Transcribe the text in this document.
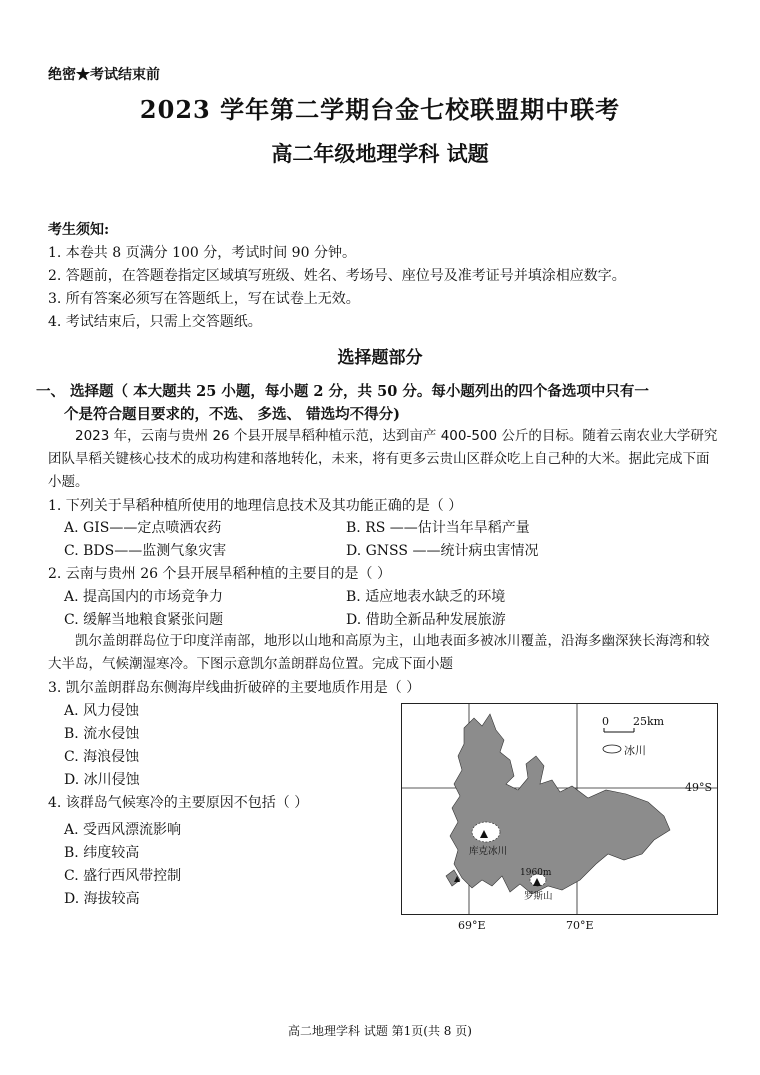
绝密★考试结束前
2023 学年第二学期台金七校联盟期中联考
高二年级地理学科 试题
考生须知:
1. 本卷共 8 页满分 100 分，考试时间 90 分钟。
2. 答题前，在答题卷指定区域填写班级、姓名、考场号、座位号及准考证号并填涂相应数字。
3. 所有答案必须写在答题纸上，写在试卷上无效。
4. 考试结束后，只需上交答题纸。
选择题部分
一、 选择题（ 本大题共 25 小题，每小题 2 分，共 50 分。每小题列出的四个备选项中只有一
个是符合题目要求的，不选、 多选、 错选均不得分)
2023 年，云南与贵州 26 个县开展旱稻种植示范，达到亩产 400-500 公斤的目标。随着云南农业大学研究团队旱稻关键核心技术的成功构建和落地转化，未来，将有更多云贵山区群众吃上自己种的大米。据此完成下面小题。
1. 下列关于旱稻种植所使用的地理信息技术及其功能正确的是（ ）
A. GIS——定点喷洒农药	B. RS ——估计当年旱稻产量
C. BDS——监测气象灾害	D. GNSS ——统计病虫害情况
2. 云南与贵州 26 个县开展旱稻种植的主要目的是（ ）
A. 提高国内的市场竞争力	B. 适应地表水缺乏的环境
C. 缓解当地粮食紧张问题	D. 借助全新品种发展旅游
凯尔盖朗群岛位于印度洋南部，地形以山地和高原为主，山地表面多被冰川覆盖，沿海多幽深狭长海湾和较大半岛，气候潮湿寒冷。下图示意凯尔盖朗群岛位置。完成下面小题
3. 凯尔盖朗群岛东侧海岸线曲折破碎的主要地质作用是（ ）
A. 风力侵蚀
B. 流水侵蚀
C. 海浪侵蚀
D. 冰川侵蚀
4. 该群岛气候寒冷的主要原因不包括（ ）
A. 受西风漂流影响
B. 纬度较高
C. 盛行西风带控制
D. 海拔较高
0 25km
冰川
库克冰川
1960m
罗斯山
49°S
69°E	70°E
高二地理学科 试题 第1页(共 8 页)
